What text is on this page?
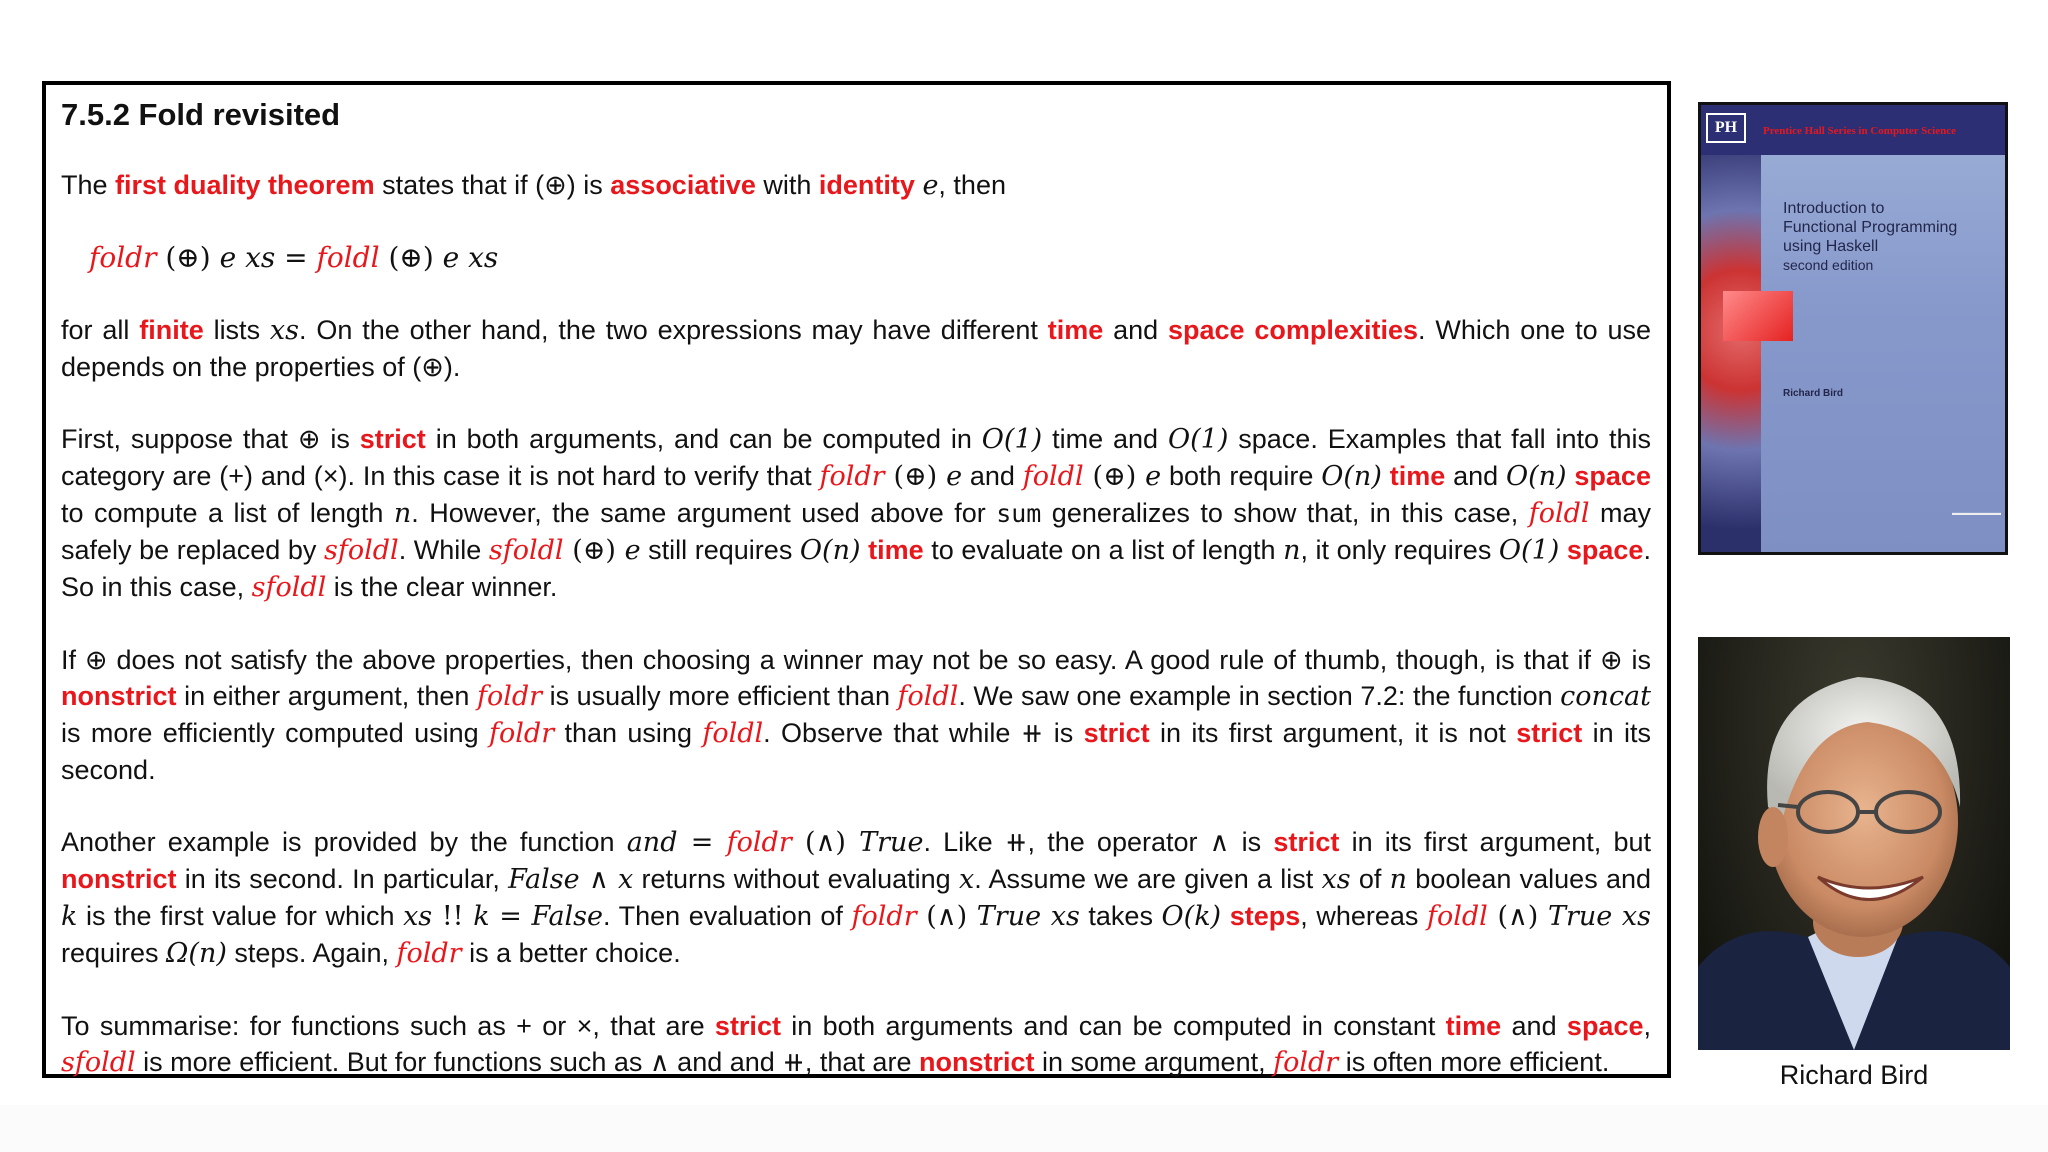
7.5.2 Fold revisited

The first duality theorem states that if (⊕) is associative with identity e, then

foldr (⊕) e xs = foldl (⊕) e xs

for all finite lists xs. On the other hand, the two expressions may have different time and space complexities. Which one to use depends on the properties of (⊕).

First, suppose that ⊕ is strict in both arguments, and can be computed in O(1) time and O(1) space. Examples that fall into this category are (+) and (×). In this case it is not hard to verify that foldr (⊕) e and foldl (⊕) e both require O(n) time and O(n) space to compute a list of length n. However, the same argument used above for sum generalizes to show that, in this case, foldl may safely be replaced by sfoldl. While sfoldl (⊕) e still requires O(n) time to evaluate on a list of length n, it only requires O(1) space. So in this case, sfoldl is the clear winner.

If ⊕ does not satisfy the above properties, then choosing a winner may not be so easy. A good rule of thumb, though, is that if ⊕ is nonstrict in either argument, then foldr is usually more efficient than foldl. We saw one example in section 7.2: the function concat is more efficiently computed using foldr than using foldl. Observe that while ⧺ is strict in its first argument, it is not strict in its second.

Another example is provided by the function and = foldr (∧) True. Like ⧺, the operator ∧ is strict in its first argument, but nonstrict in its second. In particular, False ∧ x returns without evaluating x. Assume we are given a list xs of n boolean values and k is the first value for which xs !! k = False. Then evaluation of foldr (∧) True xs takes O(k) steps, whereas foldl (∧) True xs requires Ω(n) steps. Again, foldr is a better choice.

To summarise: for functions such as + or ×, that are strict in both arguments and can be computed in constant time and space, sfoldl is more efficient. But for functions such as ∧ and and ⧺, that are nonstrict in some argument, foldr is often more efficient.

PH	Prentice Hall Series in Computer Science
Introduction to
Functional Programming
using Haskell
second edition
Richard Bird
▬▬▬▬▬▬▬
Richard Bird
